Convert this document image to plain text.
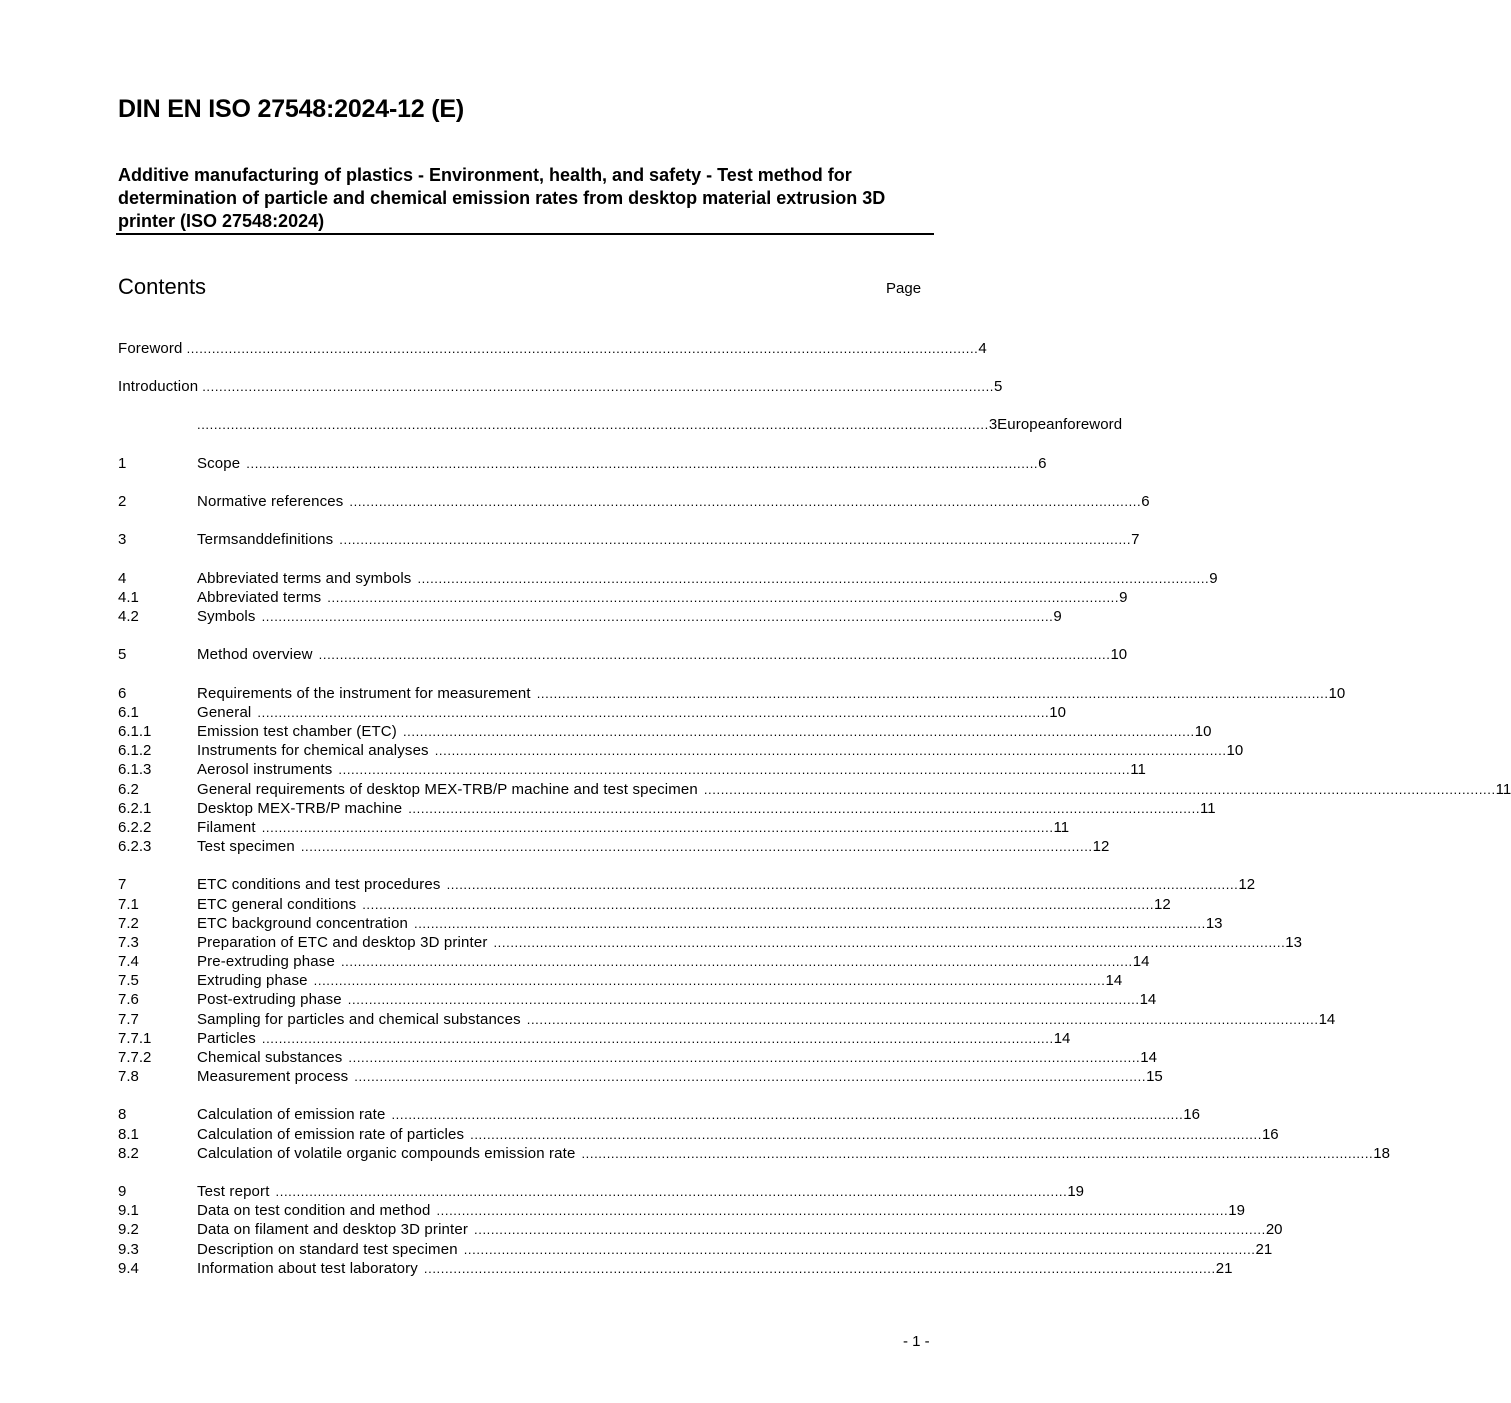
DIN EN ISO 27548:2024-12 (E)
Additive manufacturing of plastics - Environment, health, and safety - Test method for determination of particle and chemical emission rates from desktop material extrusion 3D printer (ISO 27548:2024)
Contents	Page
Foreword ............................................................................................................................................................................................ 4
Introduction ............................................................................................................................................................................................ 5
............................................................................................................................................................................................ 3 Europeanforeword
1	Scope ............................................................................................................................................................................................ 6
2	Normative references ............................................................................................................................................................................................ 6
3	Termsanddefinitions ............................................................................................................................................................................................ 7
4	Abbreviated terms and symbols ............................................................................................................................................................................................ 9
4.1	Abbreviated terms ............................................................................................................................................................................................ 9
4.2	Symbols ............................................................................................................................................................................................ 9
5	Method overview ............................................................................................................................................................................................ 10
6	Requirements of the instrument for measurement ............................................................................................................................................................................................ 10
6.1	General ............................................................................................................................................................................................ 10
6.1.1	Emission test chamber (ETC) ............................................................................................................................................................................................ 10
6.1.2	Instruments for chemical analyses ............................................................................................................................................................................................ 10
6.1.3	Aerosol instruments ............................................................................................................................................................................................ 11
6.2	General requirements of desktop MEX-TRB/P machine and test specimen ............................................................................................................................................................................................ 11
6.2.1	Desktop MEX-TRB/P machine ............................................................................................................................................................................................ 11
6.2.2	Filament ............................................................................................................................................................................................ 11
6.2.3	Test specimen ............................................................................................................................................................................................ 12
7	ETC conditions and test procedures ............................................................................................................................................................................................ 12
7.1	ETC general conditions ............................................................................................................................................................................................ 12
7.2	ETC background concentration ............................................................................................................................................................................................ 13
7.3	Preparation of ETC and desktop 3D printer ............................................................................................................................................................................................ 13
7.4	Pre-extruding phase ............................................................................................................................................................................................ 14
7.5	Extruding phase ............................................................................................................................................................................................ 14
7.6	Post-extruding phase ............................................................................................................................................................................................ 14
7.7	Sampling for particles and chemical substances ............................................................................................................................................................................................ 14
7.7.1	Particles ............................................................................................................................................................................................ 14
7.7.2	Chemical substances ............................................................................................................................................................................................ 14
7.8	Measurement process ............................................................................................................................................................................................ 15
8	Calculation of emission rate ............................................................................................................................................................................................ 16
8.1	Calculation of emission rate of particles ............................................................................................................................................................................................ 16
8.2	Calculation of volatile organic compounds emission rate ............................................................................................................................................................................................ 18
9	Test report ............................................................................................................................................................................................ 19
9.1	Data on test condition and method ............................................................................................................................................................................................ 19
9.2	Data on filament and desktop 3D printer ............................................................................................................................................................................................ 20
9.3	Description on standard test specimen ............................................................................................................................................................................................ 21
9.4	Information about test laboratory ............................................................................................................................................................................................ 21
- 1 -
